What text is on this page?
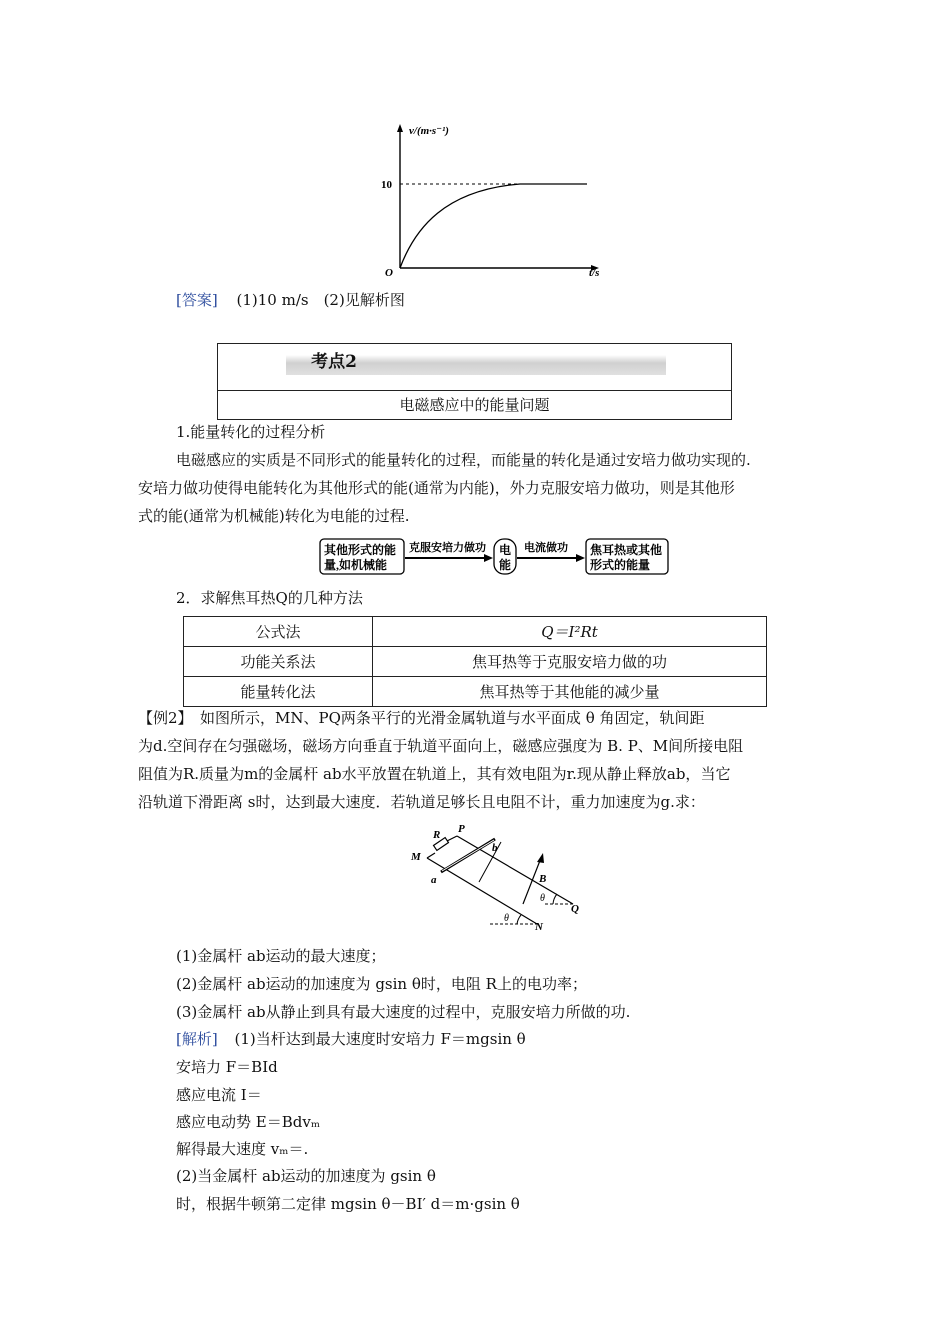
v/(m·s⁻¹)
t/s
O
10
[答案] (1)10 m/s　(2)见解析图
考点2
电磁感应中的能量问题
1.能量转化的过程分析
电磁感应的实质是不同形式的能量转化的过程，而能量的转化是通过安培力做功实现的.
安培力做功使得电能转化为其他形式的能(通常为内能)，外力克服安培力做功，则是其他形
式的能(通常为机械能)转化为电能的过程.
其他形式的能
量,如机械能
克服安培力做功 电
能
电流做功 焦耳热或其他
形式的能量
2．求解焦耳热Q的几种方法
公式法	Q＝I²Rt
功能关系法	焦耳热等于克服安培力做的功
能量转化法	焦耳热等于其他能的减少量
【例2】　如图所示，MN、PQ两条平行的光滑金属轨道与水平面成 θ 角固定，轨间距
为d.空间存在匀强磁场，磁场方向垂直于轨道平面向上，磁感应强度为 B. P、M间所接电阻
阻值为R.质量为m的金属杆 ab水平放置在轨道上，其有效电阻为r.现从静止释放ab，当它
沿轨道下滑距离 s时，达到最大速度．若轨道足够长且电阻不计，重力加速度为g.求：
R P
M
b
a	B
Q
N
θ
θ
(1)金属杆 ab运动的最大速度；
(2)金属杆 ab运动的加速度为 gsin θ时，电阻 R上的电功率；
(3)金属杆 ab从静止到具有最大速度的过程中，克服安培力所做的功.
[解析] (1)当杆达到最大速度时安培力 F＝mgsin θ
安培力 F＝BId
感应电流 I＝
感应电动势 E＝Bdvₘ
解得最大速度 vₘ＝.
(2)当金属杆 ab运动的加速度为 gsin θ
时，根据牛顿第二定律 mgsin θ－BI′ d＝m·gsin θ
